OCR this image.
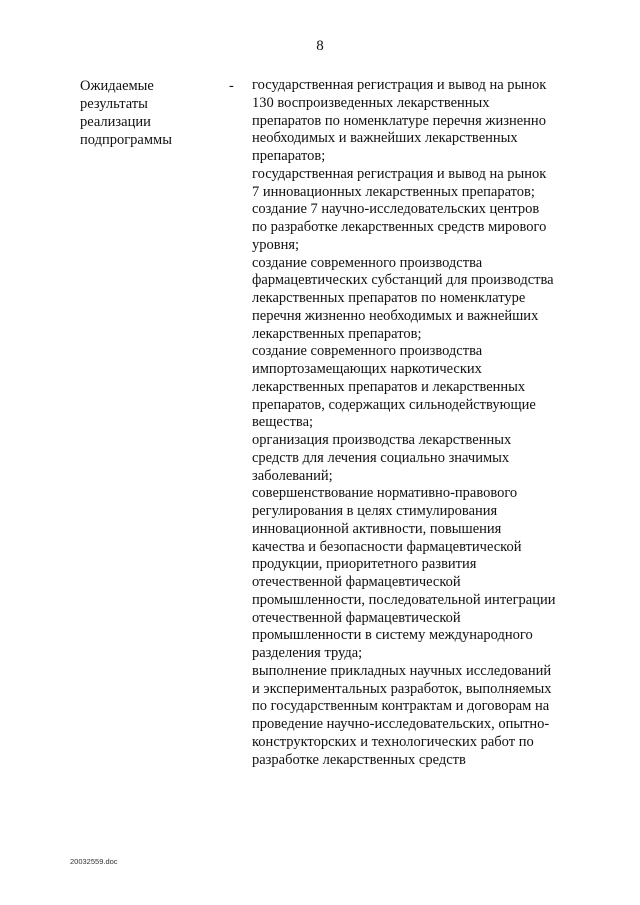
8
Ожидаемые
результаты
реализации
подпрограммы
- государственная регистрация и вывод на рынок
130 воспроизведенных лекарственных
препаратов по номенклатуре перечня жизненно
необходимых и важнейших лекарственных
препаратов;
государственная регистрация и вывод на рынок
7 инновационных лекарственных препаратов;
создание 7 научно-исследовательских центров
по разработке лекарственных средств мирового
уровня;
создание современного производства
фармацевтических субстанций для производства
лекарственных препаратов по номенклатуре
перечня жизненно необходимых и важнейших
лекарственных препаратов;
создание современного производства
импортозамещающих наркотических
лекарственных препаратов и лекарственных
препаратов, содержащих сильнодействующие
вещества;
организация производства лекарственных
средств для лечения социально значимых
заболеваний;
совершенствование нормативно-правового
регулирования в целях стимулирования
инновационной активности, повышения
качества и безопасности фармацевтической
продукции, приоритетного развития
отечественной фармацевтической
промышленности, последовательной интеграции
отечественной фармацевтической
промышленности в систему международного
разделения труда;
выполнение прикладных научных исследований
и экспериментальных разработок, выполняемых
по государственным контрактам и договорам на
проведение научно-исследовательских, опытно-
конструкторских и технологических работ по
разработке лекарственных средств
20032559.doc
